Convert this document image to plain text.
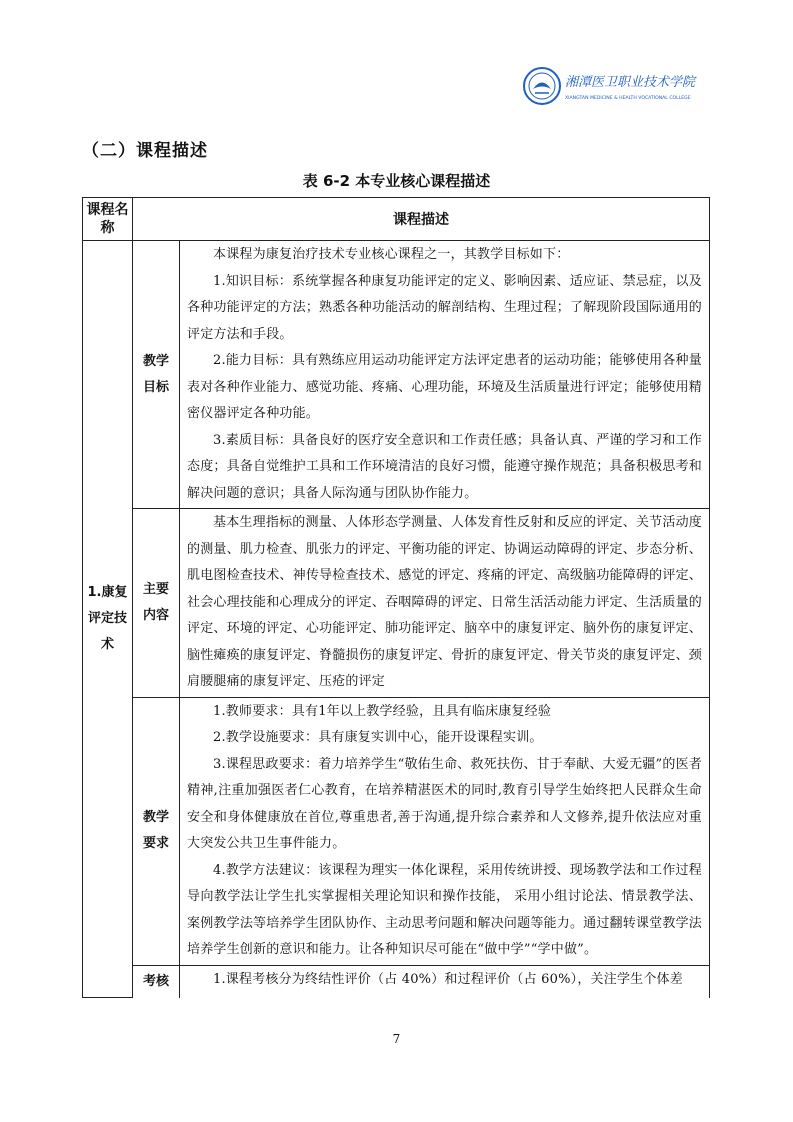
湘潭医卫职业技术学院
XIANGTAN MEDICINE & HEALTH VOCATIONAL COLLEGE
（二）课程描述
表 6-2 本专业核心课程描述
课程名称	课程描述	
1.康复评定技术	教学目标	本课程为康复治疗技术专业核心课程之一，其教学目标如下：

1.知识目标：系统掌握各种康复功能评定的定义、影响因素、适应证、禁忌症，以及各种功能评定的方法；熟悉各种功能活动的解剖结构、生理过程；了解现阶段国际通用的评定方法和手段。

2.能力目标：具有熟练应用运动功能评定方法评定患者的运动功能；能够使用各种量表对各种作业能力、感觉功能、疼痛、心理功能，环境及生活质量进行评定；能够使用精密仪器评定各种功能。

3.素质目标：具备良好的医疗安全意识和工作责任感；具备认真、严谨的学习和工作态度；具备自觉维护工具和工作环境清洁的良好习惯，能遵守操作规范；具备积极思考和解决问题的意识；具备人际沟通与团队协作能力。

	主要内容	基本生理指标的测量、人体形态学测量、人体发育性反射和反应的评定、关节活动度的测量、肌力检查、肌张力的评定、平衡功能的评定、协调运动障碍的评定、步态分析、肌电图检查技术、神传导检查技术、感觉的评定、疼痛的评定、高级脑功能障碍的评定、社会心理技能和心理成分的评定、吞咽障碍的评定、日常生活活动能力评定、生活质量的评定、环境的评定、心功能评定、肺功能评定、脑卒中的康复评定、脑外伤的康复评定、脑性瘫痪的康复评定、脊髓损伤的康复评定、骨折的康复评定、骨关节炎的康复评定、颈肩腰腿痛的康复评定、压疮的评定

	教学要求	1.教师要求：具有1年以上教学经验，且具有临床康复经验

2.教学设施要求：具有康复实训中心，能开设课程实训。

3.课程思政要求：着力培养学生“敬佑生命、救死扶伤、甘于奉献、大爱无疆”的医者精神,注重加强医者仁心教育，在培养精湛医术的同时,教育引导学生始终把人民群众生命安全和身体健康放在首位,尊重患者,善于沟通,提升综合素养和人文修养,提升依法应对重大突发公共卫生事件能力。

4.教学方法建议：该课程为理实一体化课程，采用传统讲授、现场教学法和工作过程导向教学法让学生扎实掌握相关理论知识和操作技能， 采用小组讨论法、情景教学法、案例教学法等培养学生团队协作、主动思考问题和解决问题等能力。通过翻转课堂教学法培养学生创新的意识和能力。让各种知识尽可能在“做中学”“学中做”。

	考核	1.课程考核分为终结性评价（占 40%）和过程评价（占 60%），关注学生个体差

7
